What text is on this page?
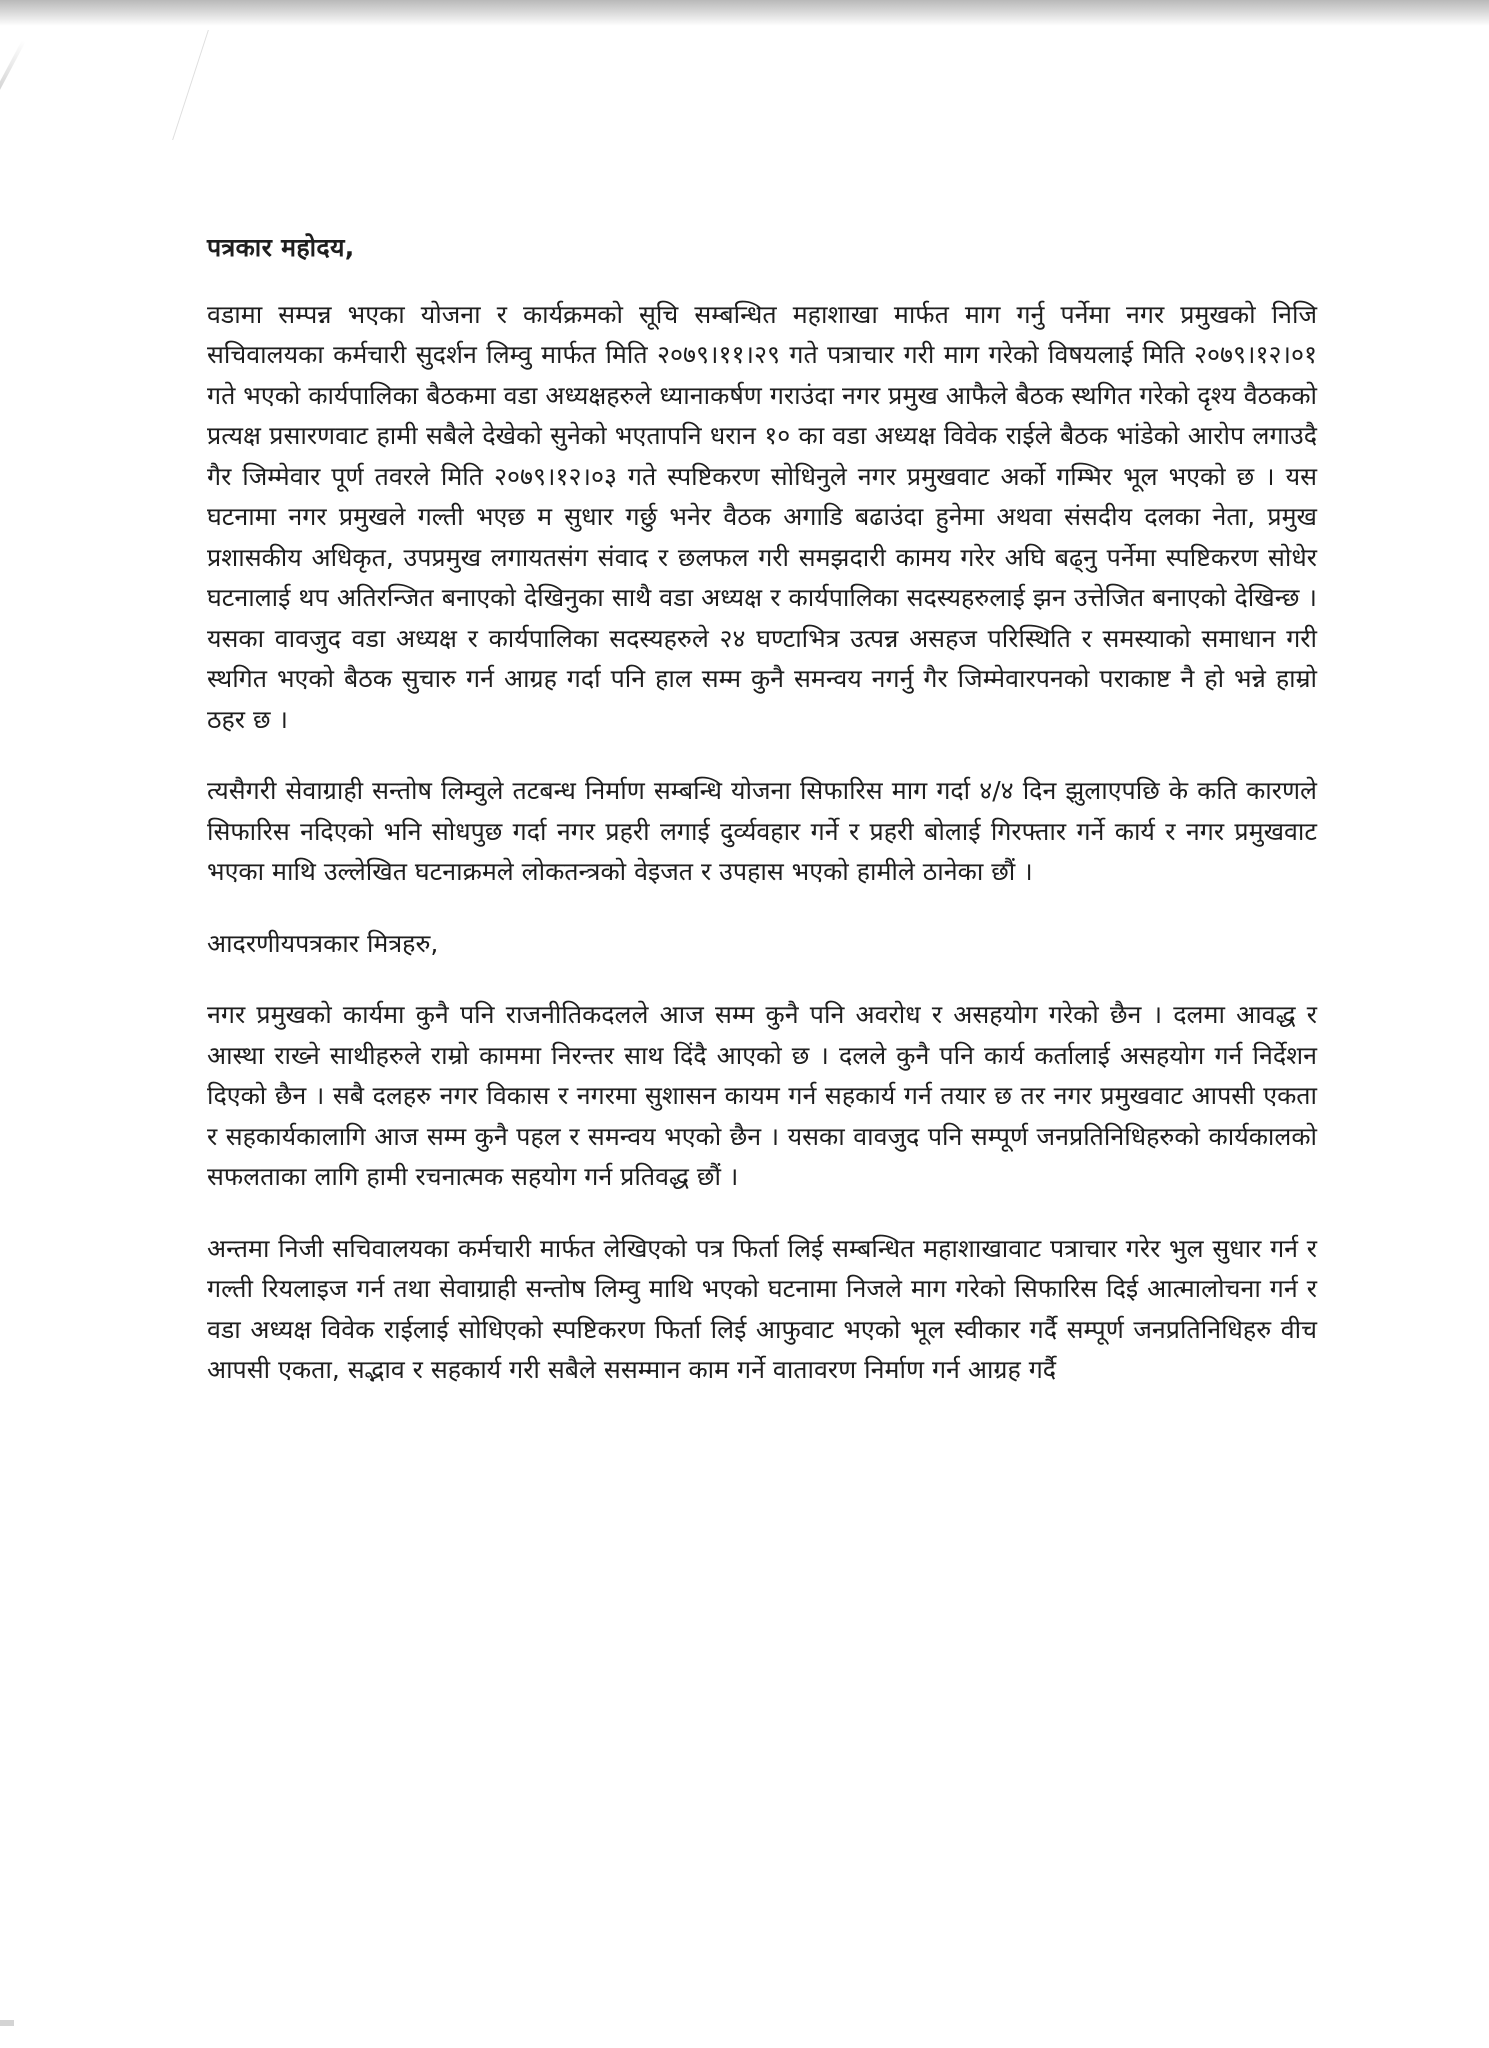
पत्रकार महोदय,

वडामा सम्पन्न भएका योजना र कार्यक्रमको सूचि सम्बन्धित महाशाखा मार्फत माग गर्नु पर्नेमा नगर प्रमुखको निजि सचिवालयका कर्मचारी सुदर्शन लिम्वु मार्फत मिति २०७९।११।२९ गते पत्राचार गरी माग गरेको विषयलाई मिति २०७९।१२।०१ गते भएको कार्यपालिका बैठकमा वडा अध्यक्षहरुले ध्यानाकर्षण गराउंदा नगर प्रमुख आफैले बैठक स्थगित गरेको दृश्य वैठकको प्रत्यक्ष प्रसारणवाट हामी सबैले देखेको सुनेको भएतापनि धरान १० का वडा अध्यक्ष विवेक राईले बैठक भांडेको आरोप लगाउदै गैर जिम्मेवार पूर्ण तवरले मिति २०७९।१२।०३ गते स्पष्टिकरण सोधिनुले नगर प्रमुखवाट अर्को गम्भिर भूल भएको छ । यस घटनामा नगर प्रमुखले गल्ती भएछ म सुधार गर्छु भनेर वैठक अगाडि बढाउंदा हुनेमा अथवा संसदीय दलका नेता, प्रमुख प्रशासकीय अधिकृत, उपप्रमुख लगायतसंग संवाद र छलफल गरी समझदारी कामय गरेर अघि बढ्नु पर्नेमा स्पष्टिकरण सोधेर घटनालाई थप अतिरन्जित बनाएको देखिनुका साथै वडा अध्यक्ष र कार्यपालिका सदस्यहरुलाई झन उत्तेजित बनाएको देखिन्छ । यसका वावजुद वडा अध्यक्ष र कार्यपालिका सदस्यहरुले २४ घण्टाभित्र उत्पन्न असहज परिस्थिति र समस्याको समाधान गरी स्थगित भएको बैठक सुचारु गर्न आग्रह गर्दा पनि हाल सम्म कुनै समन्वय नगर्नु गैर जिम्मेवारपनको पराकाष्ट नै हो भन्ने हाम्रो ठहर छ ।

त्यसैगरी सेवाग्राही सन्तोष लिम्वुले तटबन्ध निर्माण सम्बन्धि योजना सिफारिस माग गर्दा ४/४ दिन झुलाएपछि के कति कारणले सिफारिस नदिएको भनि सोधपुछ गर्दा नगर प्रहरी लगाई दुर्व्यवहार गर्ने र प्रहरी बोलाई गिरफ्तार गर्ने कार्य र नगर प्रमुखवाट भएका माथि उल्लेखित घटनाक्रमले लोकतन्त्रको वेइजत र उपहास भएको हामीले ठानेका छौं ।

आदरणीयपत्रकार मित्रहरु,

नगर प्रमुखको कार्यमा कुनै पनि राजनीतिकदलले आज सम्म कुनै पनि अवरोध र असहयोग गरेको छैन । दलमा आवद्ध र आस्था राख्ने साथीहरुले राम्रो काममा निरन्तर साथ दिंदै आएको छ । दलले कुनै पनि कार्य कर्तालाई असहयोग गर्न निर्देशन दिएको छैन । सबै दलहरु नगर विकास र नगरमा सुशासन कायम गर्न सहकार्य गर्न तयार छ तर नगर प्रमुखवाट आपसी एकता र सहकार्यकालागि आज सम्म कुनै पहल र समन्वय भएको छैन । यसका वावजुद पनि सम्पूर्ण जनप्रतिनिधिहरुको कार्यकालको सफलताका लागि हामी रचनात्मक सहयोग गर्न प्रतिवद्ध छौं ।

अन्तमा निजी सचिवालयका कर्मचारी मार्फत लेखिएको पत्र फिर्ता लिई सम्बन्धित महाशाखावाट पत्राचार गरेर भुल सुधार गर्न र गल्ती रियलाइज गर्न तथा सेवाग्राही सन्तोष लिम्वु माथि भएको घटनामा निजले माग गरेको सिफारिस दिई आत्मालोचना गर्न र वडा अध्यक्ष विवेक राईलाई सोधिएको स्पष्टिकरण फिर्ता लिई आफुवाट भएको भूल स्वीकार गर्दै सम्पूर्ण जनप्रतिनिधिहरु वीच आपसी एकता, सद्भाव र सहकार्य गरी सबैले ससम्मान काम गर्ने वातावरण निर्माण गर्न आग्रह गर्दै
